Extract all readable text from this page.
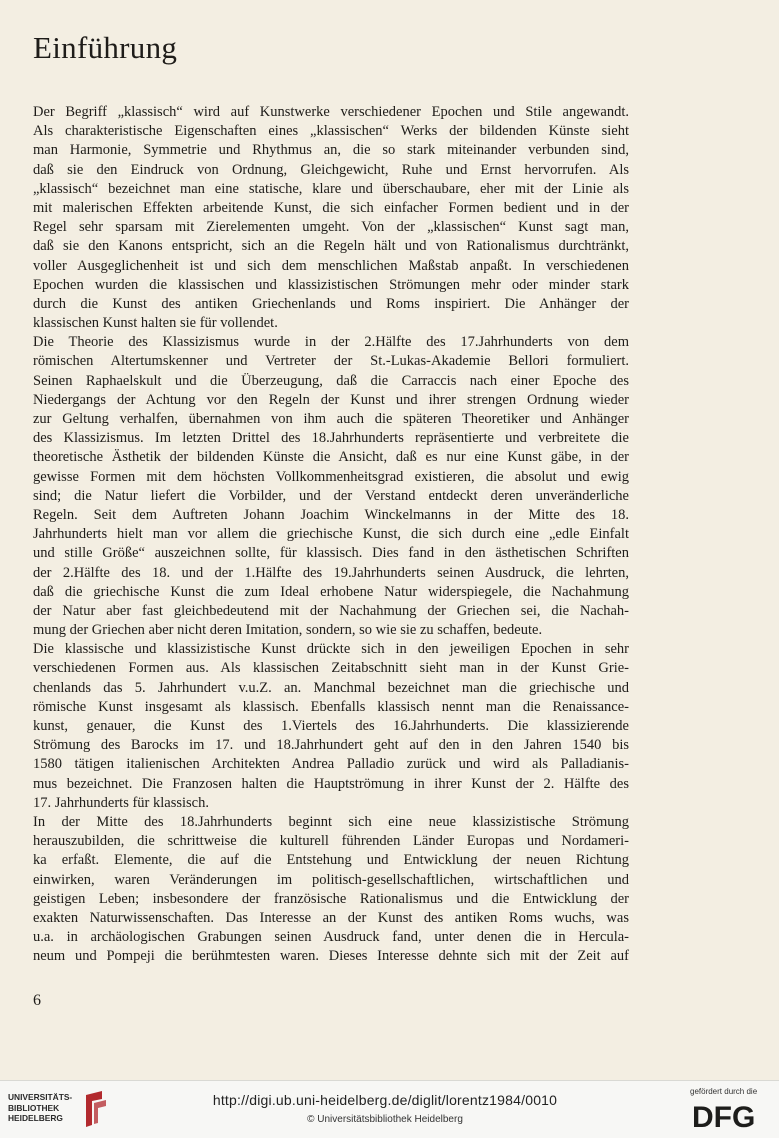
Einführung
Der Begriff „klassisch“ wird auf Kunstwerke verschiedener Epochen und Stile angewandt.
Als charakteristische Eigenschaften eines „klassischen“ Werks der bildenden Künste sieht
man Harmonie, Symmetrie und Rhythmus an, die so stark miteinander verbunden sind,
daß sie den Eindruck von Ordnung, Gleichgewicht, Ruhe und Ernst hervorrufen. Als
„klassisch“ bezeichnet man eine statische, klare und überschaubare, eher mit der Linie als
mit malerischen Effekten arbeitende Kunst, die sich einfacher Formen bedient und in der
Regel sehr sparsam mit Zierelementen umgeht. Von der „klassischen“ Kunst sagt man,
daß sie den Kanons entspricht, sich an die Regeln hält und von Rationalismus durchtränkt,
voller Ausgeglichenheit ist und sich dem menschlichen Maßstab anpaßt. In verschiedenen
Epochen wurden die klassischen und klassizistischen Strömungen mehr oder minder stark
durch die Kunst des antiken Griechenlands und Roms inspiriert. Die Anhänger der
klassischen Kunst halten sie für vollendet.
Die Theorie des Klassizismus wurde in der 2.Hälfte des 17.Jahrhunderts von dem
römischen Altertumskenner und Vertreter der St.-Lukas-Akademie Bellori formuliert.
Seinen Raphaelskult und die Überzeugung, daß die Carraccis nach einer Epoche des
Niedergangs der Achtung vor den Regeln der Kunst und ihrer strengen Ordnung wieder
zur Geltung verhalfen, übernahmen von ihm auch die späteren Theoretiker und Anhänger
des Klassizismus. Im letzten Drittel des 18.Jahrhunderts repräsentierte und verbreitete die
theoretische Ästhetik der bildenden Künste die Ansicht, daß es nur eine Kunst gäbe, in der
gewisse Formen mit dem höchsten Vollkommenheitsgrad existieren, die absolut und ewig
sind; die Natur liefert die Vorbilder, und der Verstand entdeckt deren unveränderliche
Regeln. Seit dem Auftreten Johann Joachim Winckelmanns in der Mitte des 18.
Jahrhunderts hielt man vor allem die griechische Kunst, die sich durch eine „edle Einfalt
und stille Größe“ auszeichnen sollte, für klassisch. Dies fand in den ästhetischen Schriften
der 2.Hälfte des 18. und der 1.Hälfte des 19.Jahrhunderts seinen Ausdruck, die lehrten,
daß die griechische Kunst die zum Ideal erhobene Natur widerspiegele, die Nachahmung
der Natur aber fast gleichbedeutend mit der Nachahmung der Griechen sei, die Nachah-
mung der Griechen aber nicht deren Imitation, sondern, so wie sie zu schaffen, bedeute.
Die klassische und klassizistische Kunst drückte sich in den jeweiligen Epochen in sehr
verschiedenen Formen aus. Als klassischen Zeitabschnitt sieht man in der Kunst Grie-
chenlands das 5. Jahrhundert v.u.Z. an. Manchmal bezeichnet man die griechische und
römische Kunst insgesamt als klassisch. Ebenfalls klassisch nennt man die Renaissance-
kunst, genauer, die Kunst des 1.Viertels des 16.Jahrhunderts. Die klassizierende
Strömung des Barocks im 17. und 18.Jahrhundert geht auf den in den Jahren 1540 bis
1580 tätigen italienischen Architekten Andrea Palladio zurück und wird als Palladianis-
mus bezeichnet. Die Franzosen halten die Hauptströmung in ihrer Kunst der 2. Hälfte des
17. Jahrhunderts für klassisch.
In der Mitte des 18.Jahrhunderts beginnt sich eine neue klassizistische Strömung
herauszubilden, die schrittweise die kulturell führenden Länder Europas und Nordameri-
ka erfaßt. Elemente, die auf die Entstehung und Entwicklung der neuen Richtung
einwirken, waren Veränderungen im politisch-gesellschaftlichen, wirtschaftlichen und
geistigen Leben; insbesondere der französische Rationalismus und die Entwicklung der
exakten Naturwissenschaften. Das Interesse an der Kunst des antiken Roms wuchs, was
u.a. in archäologischen Grabungen seinen Ausdruck fand, unter denen die in Hercula-
neum und Pompeji die berühmtesten waren. Dieses Interesse dehnte sich mit der Zeit auf
6
UNIVERSITÄTS-
BIBLIOTHEK
HEIDELBERG
http://digi.ub.uni-heidelberg.de/diglit/lorentz1984/0010
© Universitätsbibliothek Heidelberg
gefördert durch die
DFG
